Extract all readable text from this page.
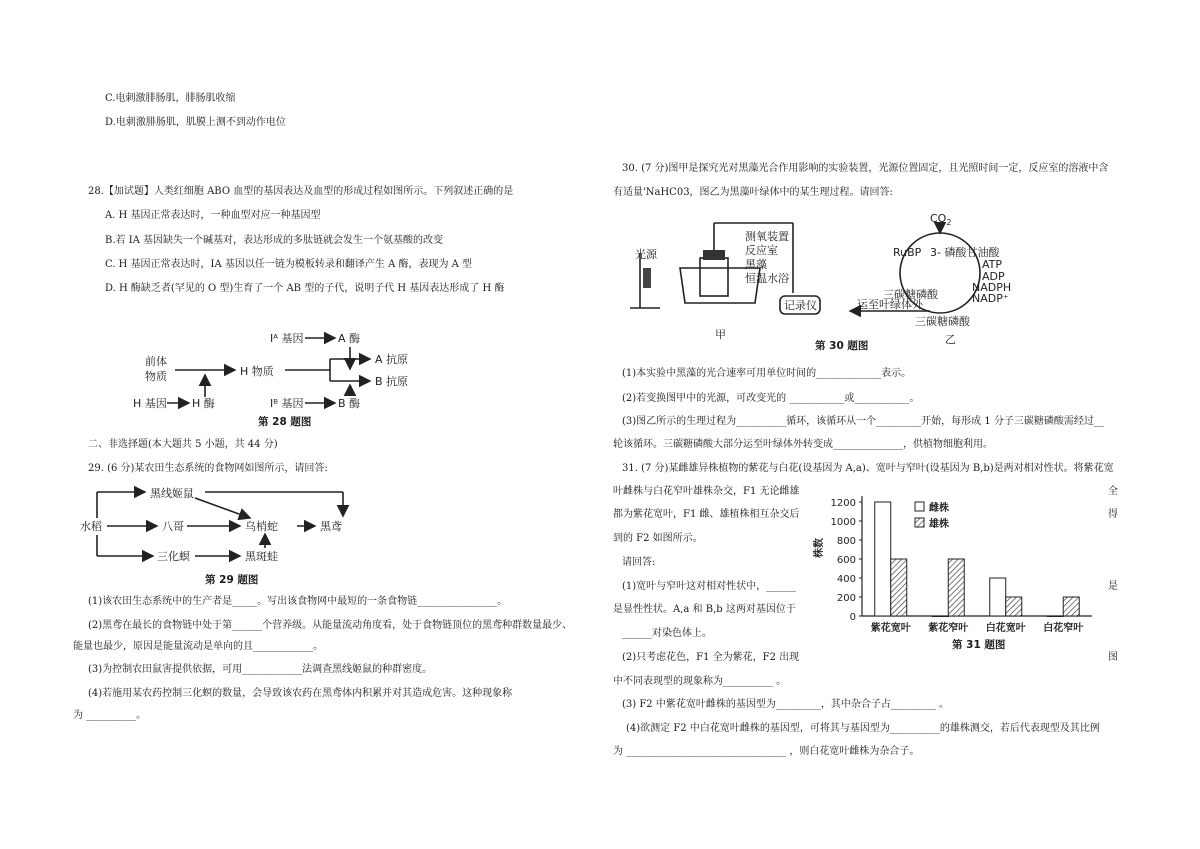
C.电刺激腓肠肌，腓肠肌收缩
D.电刺激腓肠肌，肌膜上测不到动作电位
28.【加试题】人类红细胞 ABO 血型的基因表达及血型的形成过程如图所示。下列叙述正确的是
A. H 基因正常表达时，一种血型对应一种基因型
B.若 IA 基因缺失一个碱基对，表达形成的多肽链就会发生一个氨基酸的改变
C. H 基因正常表达时，IA 基因以任一链为模板转录和翻译产生 A 酶，表现为 A 型
D. H 酶缺乏者(罕见的 O 型)生育了一个 AB 型的子代，说明子代 H 基因表达形成了 H 酶
Iᴬ 基因	A 酶
前体
物质	H 物质
A 抗原
B 抗原
H 基因 H 酶	Iᴮ 基因	B 酶
第 28 题图
二、非选择题(本大题共 5 小题，共 44 分)
29. (6 分)某农田生态系统的食物网如图所示，请回答:
水稻
黑线姬鼠
八哥	乌梢蛇	黑鸢
三化螟	黑斑蛙
第 29 题图
(1)该农田生态系统中的生产者是_____。写出该食物网中最短的一条食物链________________。
(2)黑鸢在最长的食物链中处于第______个营养级。从能量流动角度看，处于食物链顶位的黑鸢种群数量最少、
能量也最少，原因是能量流动是单向的且____________。
(3)为控制农田鼠害提供依据，可用____________法调查黑线姬鼠的种群密度。
(4)若施用某农药控制三化螟的数量，会导致该农药在黑鸢体内积累并对其造成危害。这种现象称
为 __________。
30. (7 分)图甲是探究光对黑藻光合作用影响的实验装置，光源位置固定，且光照时间一定，反应室的溶液中含
有适量'NaHC03，图乙为黑藻叶绿体中的某生理过程。请回答:
光源
测氧装置
反应室
黑藻
恒温水浴
记录仪
甲
$CO_2$
RuBP 3- 磷酸甘油酸
ATP
ADP
NADPH
NADP⁺
三碳糖磷酸
运至叶绿体外
三碳糖磷酸
乙
第 30 题图
(1)本实验中黑藻的光合速率可用单位时间的_____________表示。
(2)若变换图甲中的光源，可改变光的 ___________或___________。
(3)图乙所示的生理过程为__________循环，该循环从一个_________开始，每形成 1 分子三碳糖磷酸需经过__
轮该循环。三碳糖磷酸大部分运至叶绿体外转变成______________，供植物细胞利用。
31. (7 分)某雌雄异株植物的紫花与白花(设基因为 A,a)、宽叶与窄叶(设基因为 B,b)是两对相对性状。将紫花宽
叶雌株与白花窄叶雄株杂交，F1 无论雌雄
都为紫花宽叶，F1 雌、雄植株相互杂交后
到的 F2 如图所示。
全
得
是
图
请回答:
(1)宽叶与窄叶这对相对性状中，______
是显性性状。A,a 和 B,b 这两对基因位于
______对染色体上。
(2)只考虑花色，F1 全为紫花，F2 出现
中不同表现型的现象称为__________ 。
(3) F2 中紫花宽叶雌株的基因型为_________，其中杂合子占_________ 。
(4)欲测定 F2 中白花宽叶雌株的基因型，可将其与基因型为__________的雄株测交，若后代表现型及其比例
为 ________________________________ ，则白花宽叶雌株为杂合子。
0
200
400
600
800
1000
1200
株数
紫花宽叶 紫花窄叶 白花宽叶 白花窄叶
雌株
雄株
第 31 题图
